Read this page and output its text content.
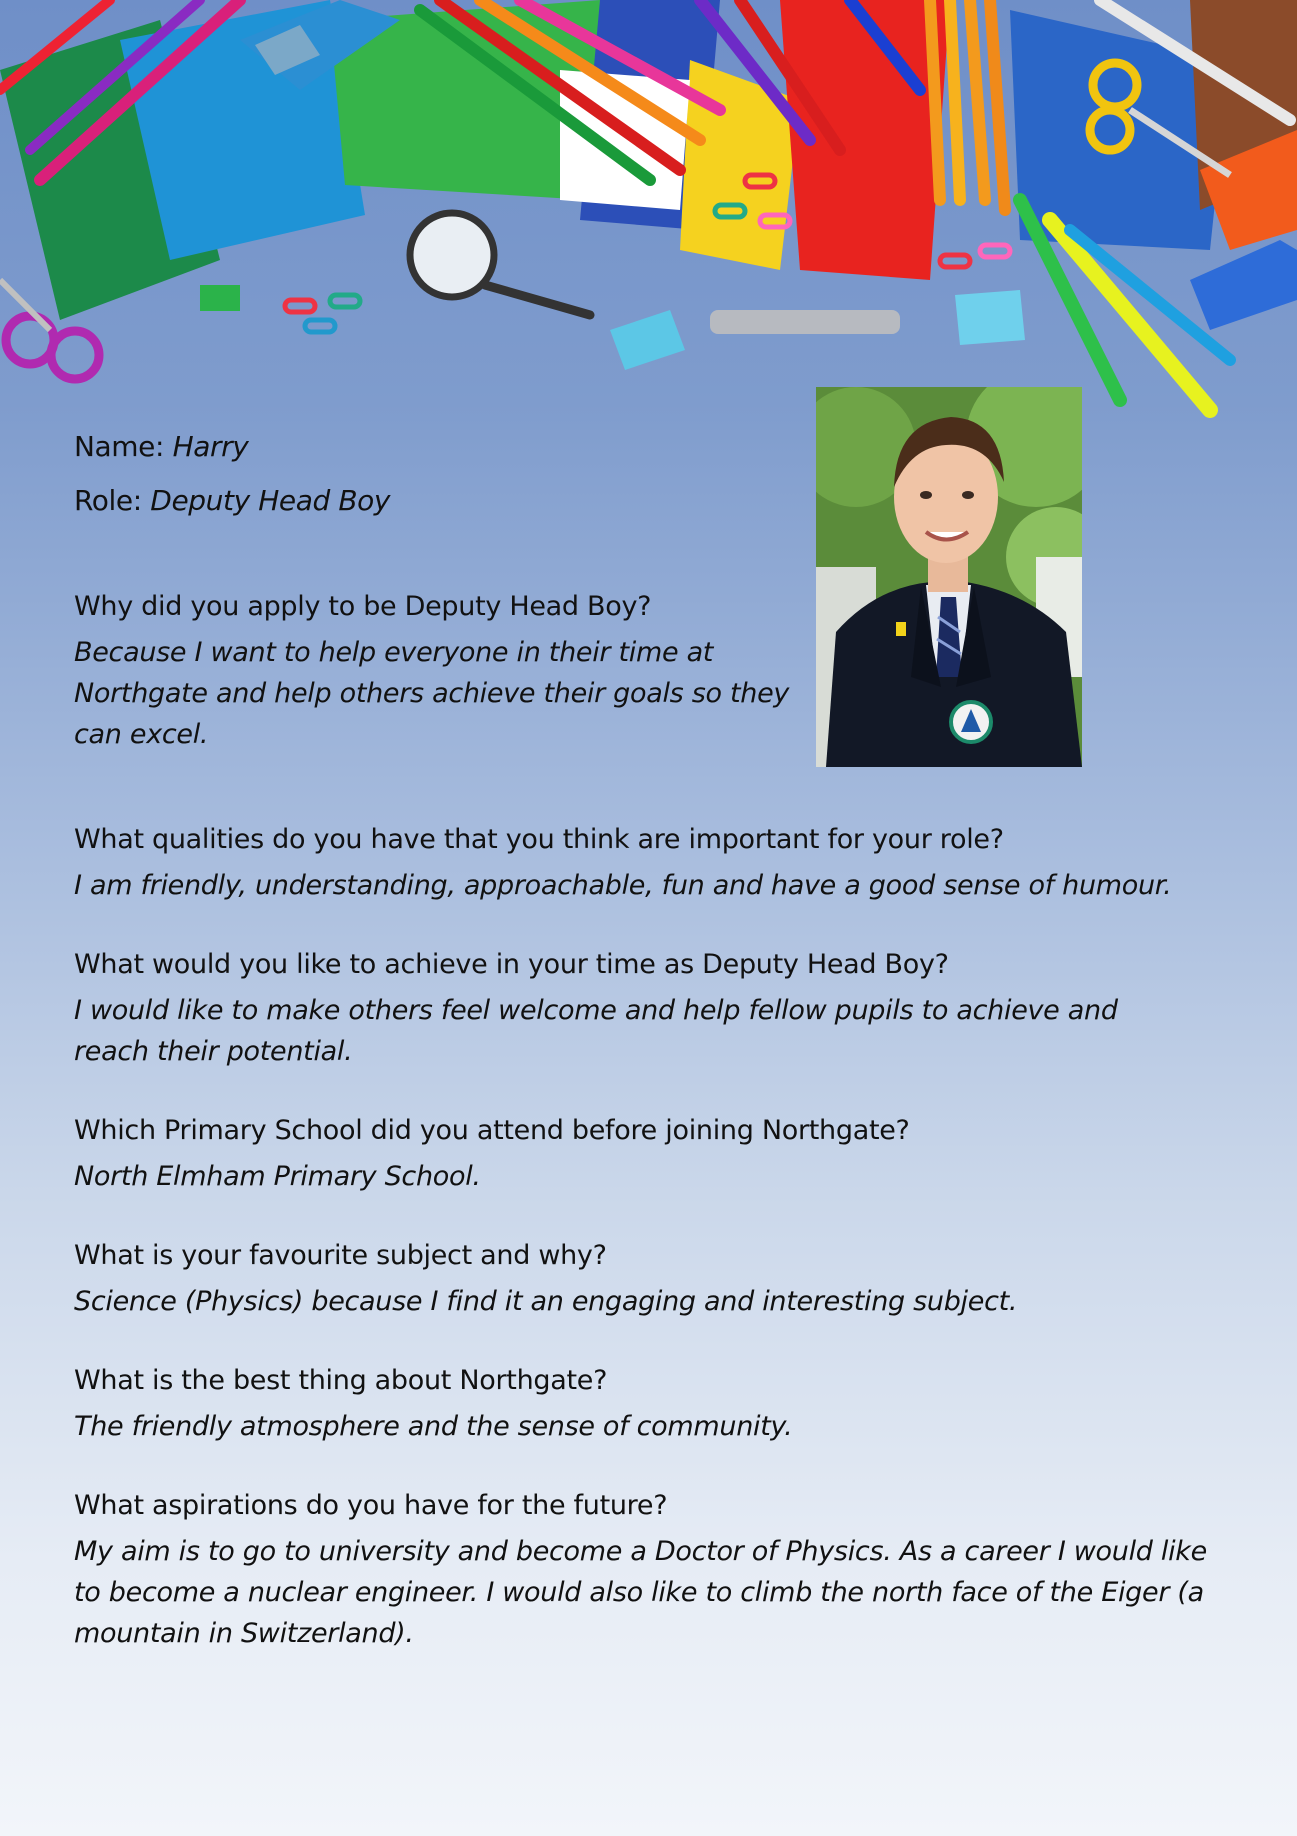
Name: Harry
Role: Deputy Head Boy
Why did you apply to be Deputy Head Boy?
Because I want to help everyone in their time at Northgate and help others achieve their goals so they can excel.
What qualities do you have that you think are important for your role?
I am friendly, understanding, approachable, fun and have a good sense of humour.
What would you like to achieve in your time as Deputy Head Boy?
I would like to make others feel welcome and help fellow pupils to achieve and reach their potential.
Which Primary School did you attend before joining Northgate?
North Elmham Primary School.
What is your favourite subject and why?
Science (Physics) because I find it an engaging and interesting subject.
What is the best thing about Northgate?
The friendly atmosphere and the sense of community.
What aspirations do you have for the future?
My aim is to go to university and become a Doctor of Physics. As a career I would like to become a nuclear engineer. I would also like to climb the north face of the Eiger (a mountain in Switzerland).
